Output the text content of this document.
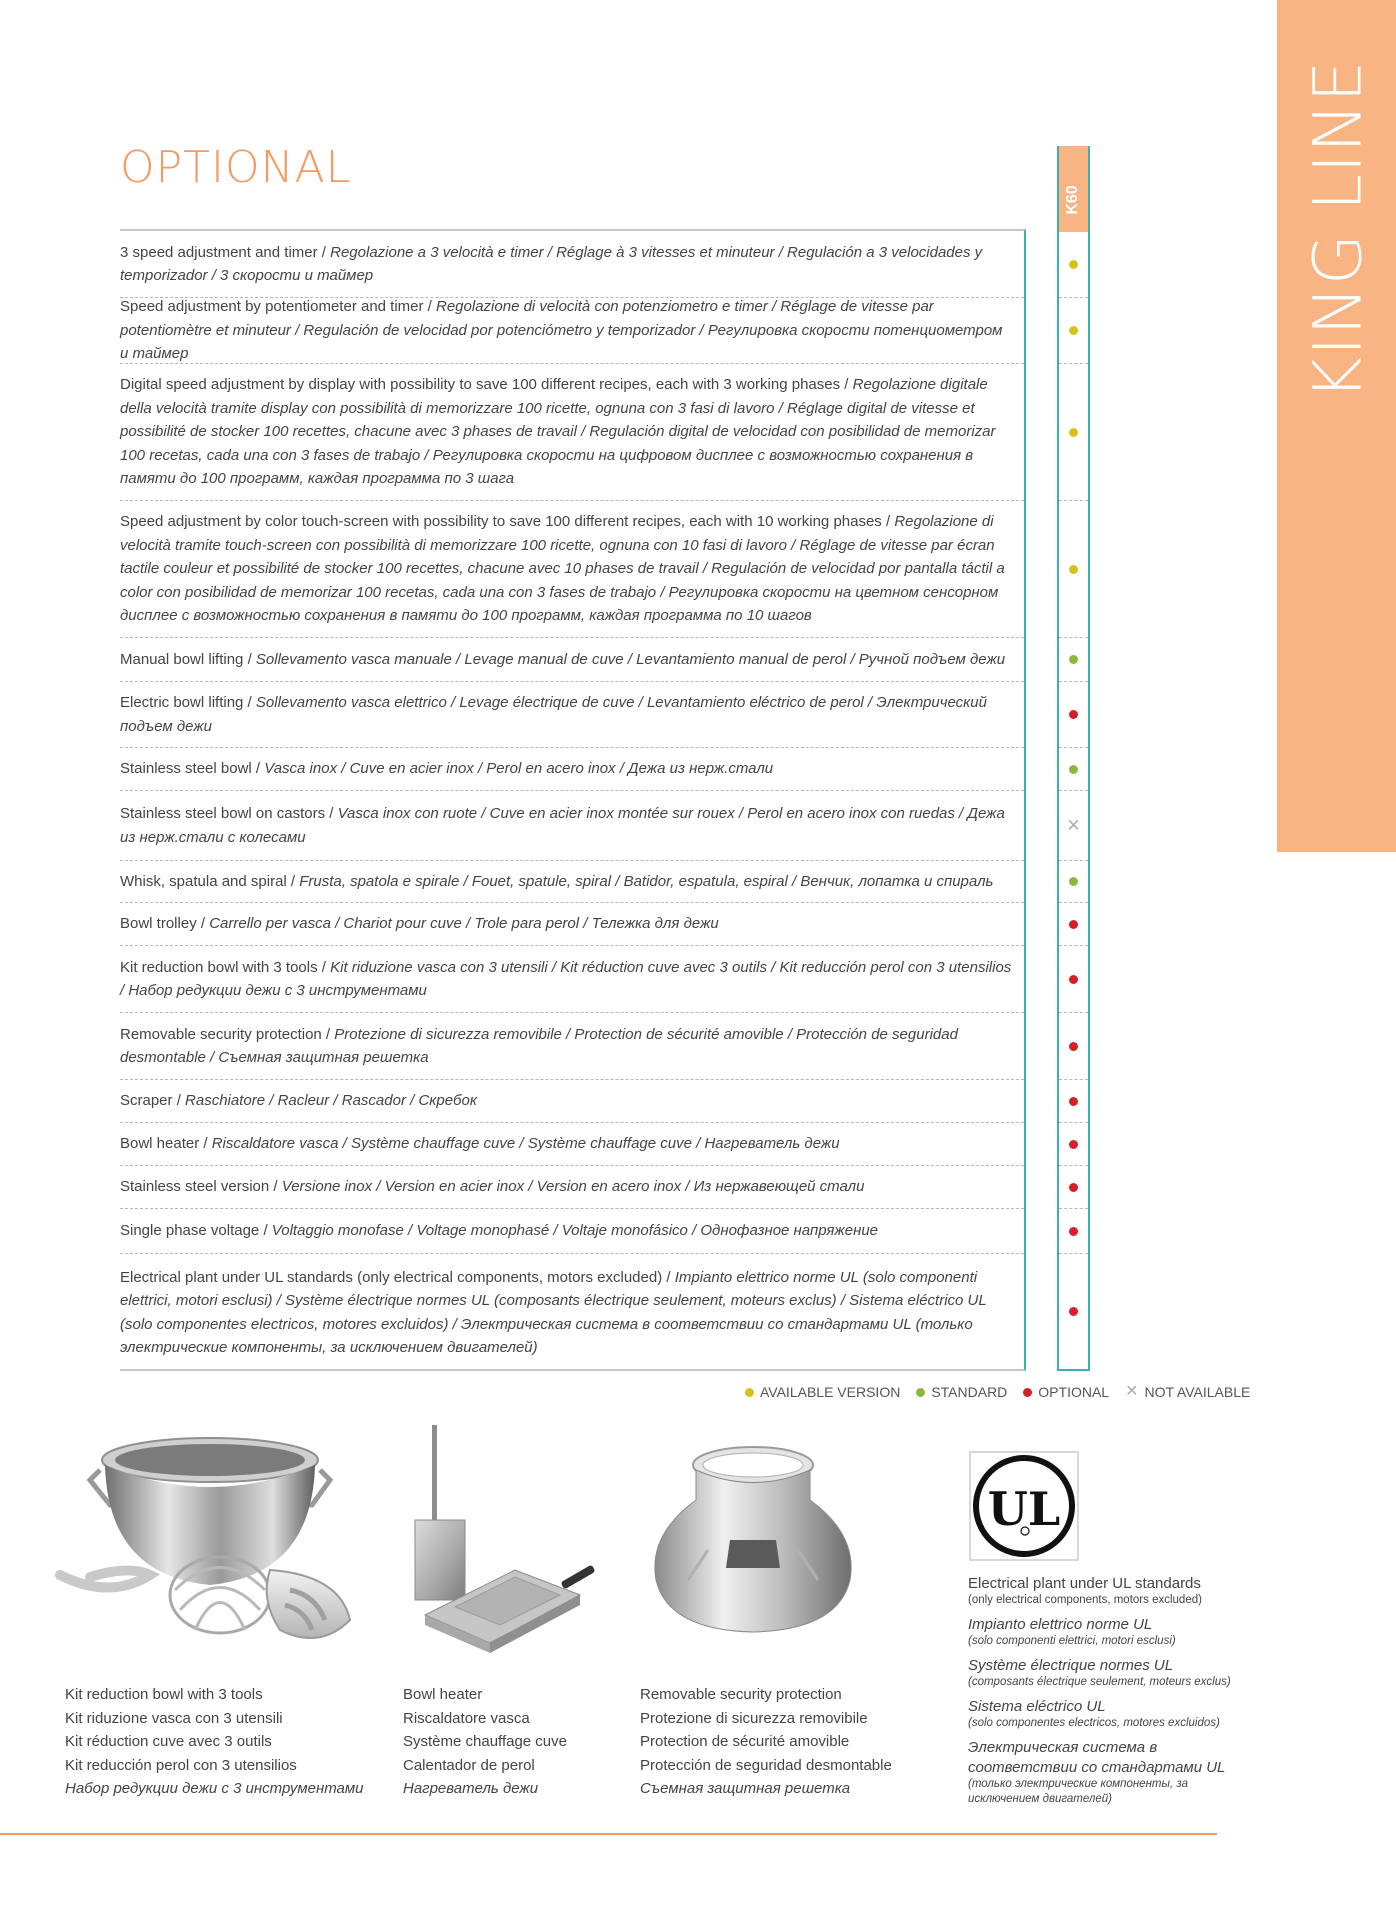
KING LINE
OPTIONAL

3 speed adjustment and timer / Regolazione a 3 velocità e timer / Réglage à 3 vitesses et minuteur / Regulación a 3 velocidades y temporizador / 3 скорости и таймер

Speed adjustment by potentiometer and timer / Regolazione di velocità con potenziometro e timer / Réglage de vitesse par potentiomètre et minuteur / Regulación de velocidad por potenciómetro y temporizador / Регулировка скорости потенциометром и таймер

Digital speed adjustment by display with possibility to save 100 different recipes, each with 3 working phases / Regolazione digitale della velocità tramite display con possibilità di memorizzare 100 ricette, ognuna con 3 fasi di lavoro / Réglage digital de vitesse et possibilité de stocker 100 recettes, chacune avec 3 phases de travail / Regulación digital de velocidad con posibilidad de memorizar 100 recetas, cada una con 3 fases de trabajo / Регулировка скорости на цифровом дисплее с возможностью сохранения в памяти до 100 программ, каждая программа по 3 шага

Speed adjustment by color touch-screen with possibility to save 100 different recipes, each with 10 working phases / Regolazione di velocità tramite touch-screen con possibilità di memorizzare 100 ricette, ognuna con 10 fasi di lavoro / Réglage de vitesse par écran tactile couleur et possibilité de stocker 100 recettes, chacune avec 10 phases de travail / Regulación de velocidad por pantalla táctil a color con posibilidad de memorizar 100 recetas, cada una con 3 fases de trabajo / Регулировка скорости на цветном сенсорном дисплее с возможностью сохранения в памяти до 100 программ, каждая программа по 10 шагов

Manual bowl lifting / Sollevamento vasca manuale / Levage manual de cuve / Levantamiento manual de perol / Ручной подъем дежи

Electric bowl lifting / Sollevamento vasca elettrico / Levage électrique de cuve / Levantamiento eléctrico de perol / Электрический подъем дежи

Stainless steel bowl / Vasca inox / Cuve en acier inox / Perol en acero inox / Дежа из нерж.стали

Stainless steel bowl on castors / Vasca inox con ruote / Cuve en acier inox montée sur rouex / Perol en acero inox con ruedas / Дежа из нерж.стали с колесами

Whisk, spatula and spiral / Frusta, spatola e spirale / Fouet, spatule, spiral / Batidor, espatula, espiral / Венчик, лопатка и спираль

Bowl trolley / Carrello per vasca / Chariot pour cuve / Trole para perol / Тележка для дежи

Kit reduction bowl with 3 tools / Kit riduzione vasca con 3 utensili / Kit réduction cuve avec 3 outils / Kit reducción perol con 3 utensilios / Набор редукции дежи с 3 инструментами

Removable security protection / Protezione di sicurezza removibile / Protection de sécurité amovible / Protección de seguridad desmontable / Съемная защитная решетка

Scraper / Raschiatore / Racleur / Rascador / Скребок

Bowl heater / Riscaldatore vasca / Système chauffage cuve / Système chauffage cuve / Нагреватель дежи

Stainless steel version / Versione inox / Version en acier inox / Version en acero inox / Из нержавеющей стали

Single phase voltage / Voltaggio monofase / Voltage monophasé / Voltaje monofásico / Однофазное напряжение

Electrical plant under UL standards (only electrical components, motors excluded) / Impianto elettrico norme UL (solo componenti elettrici, motori esclusi) / Système électrique normes UL (composants électrique seulement, moteurs exclus) / Sistema eléctrico UL (solo componentes electricos, motores excluidos) / Электрическая система в соответствии со стандартами UL (только электрические компоненты, за исключением двигателей)

K60
✕
AVAILABLE VERSION STANDARD OPTIONAL ✕ NOT AVAILABLE
UL
Kit reduction bowl with 3 tools
Kit riduzione vasca con 3 utensili
Kit réduction cuve avec 3 outils
Kit reducción perol con 3 utensilios
Набор редукции дежи с 3 инструментами
Bowl heater
Riscaldatore vasca
Système chauffage cuve
Calentador de perol
Нагреватель дежи
Removable security protection
Protezione di sicurezza removibile
Protection de sécurité amovible
Protección de seguridad desmontable
Съемная защитная решетка
Electrical plant under UL standards
(only electrical components, motors excluded)
Impianto elettrico norme UL
(solo componenti elettrici, motori esclusi)
Système électrique normes UL
(composants électrique seulement, moteurs exclus)
Sistema eléctrico UL
(solo componentes electricos, motores excluidos)
Электрическая система в
соответствии со стандартами UL
(только электрические компоненты, за
исключением двигателей)
